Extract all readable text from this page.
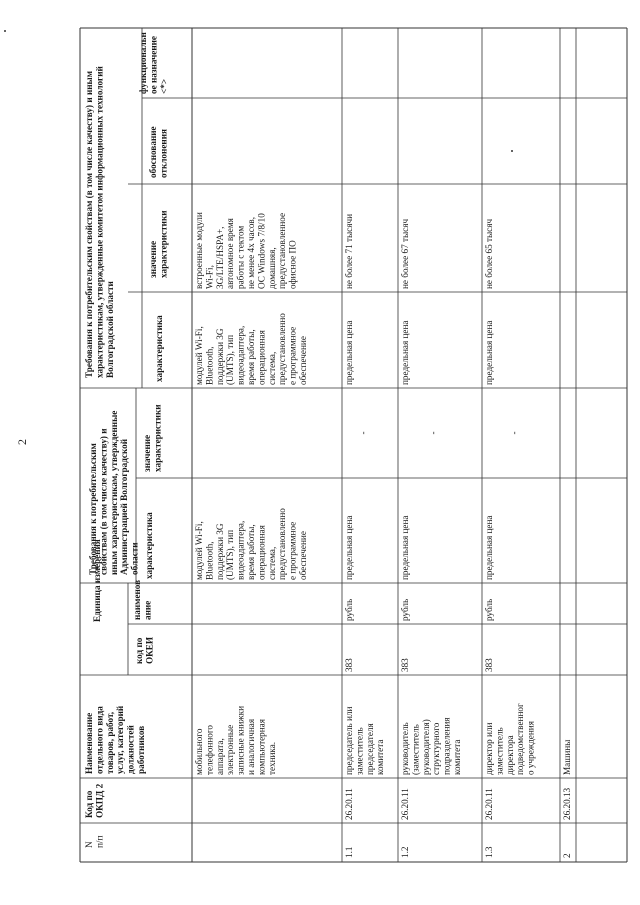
2
Nп/п
Код поОКПД 2
Наименованиеотдельного видатоваров, работ,услуг, категорийдолжностейработников
Единица измерения
код поОКЕИ
наименование
Требования к потребительскимсвойствам (в том числе качеству) ииным характеристикам, утвержденныеАдминистрацией Волгоградскойобласти характеристика
значениехарактеристики
Требования к потребительским свойствам (в том числе качеству) и инымхарактеристикам, утвержденные комитетом информационных технологийВолгоградской области	характеристика
значениехарактеристики
обоснованиеотклонения
функциональное назначение<*>
мобильноготелефонногоаппарата,электронныезаписные книжкии аналогичнаякомпьютернаятехника.
модулей Wi-Fi,Bluetooth,поддержки 3G(UMTS), типвидеоадаптера,время работы,операционнаясистема,предустановленное программноеобеспечение
модулей Wi-Fi,Bluetooth,поддержки 3G(UMTS), типвидеоадаптера,время работы,операционнаясистема,предустановленное программноеобеспечение
встроенные модулиWi-Fi,3G/LTE/HSPA+,автономное времяработы с тектомне менее 4х часов,ОС Windows 7/8/10домашняя,предустановленноеофисное ПО
1.1
26.20.11
председатель илизаместительпредседателякомитета
383
рубль
предельная цена
-
предельная цена
не более 71 тысячи
1.2
26.20.11
руководитель(заместительруководителя)структурногоподразделениякомитета
383
рубль
предельная цена
-
предельная цена
не более 67 тысяч
1.3
26.20.11
директор илизаместительдиректораподведомственного учреждения
383
рубль
предельная цена
-
предельная цена
не более 65 тысяч
2
26.20.13
Машины
